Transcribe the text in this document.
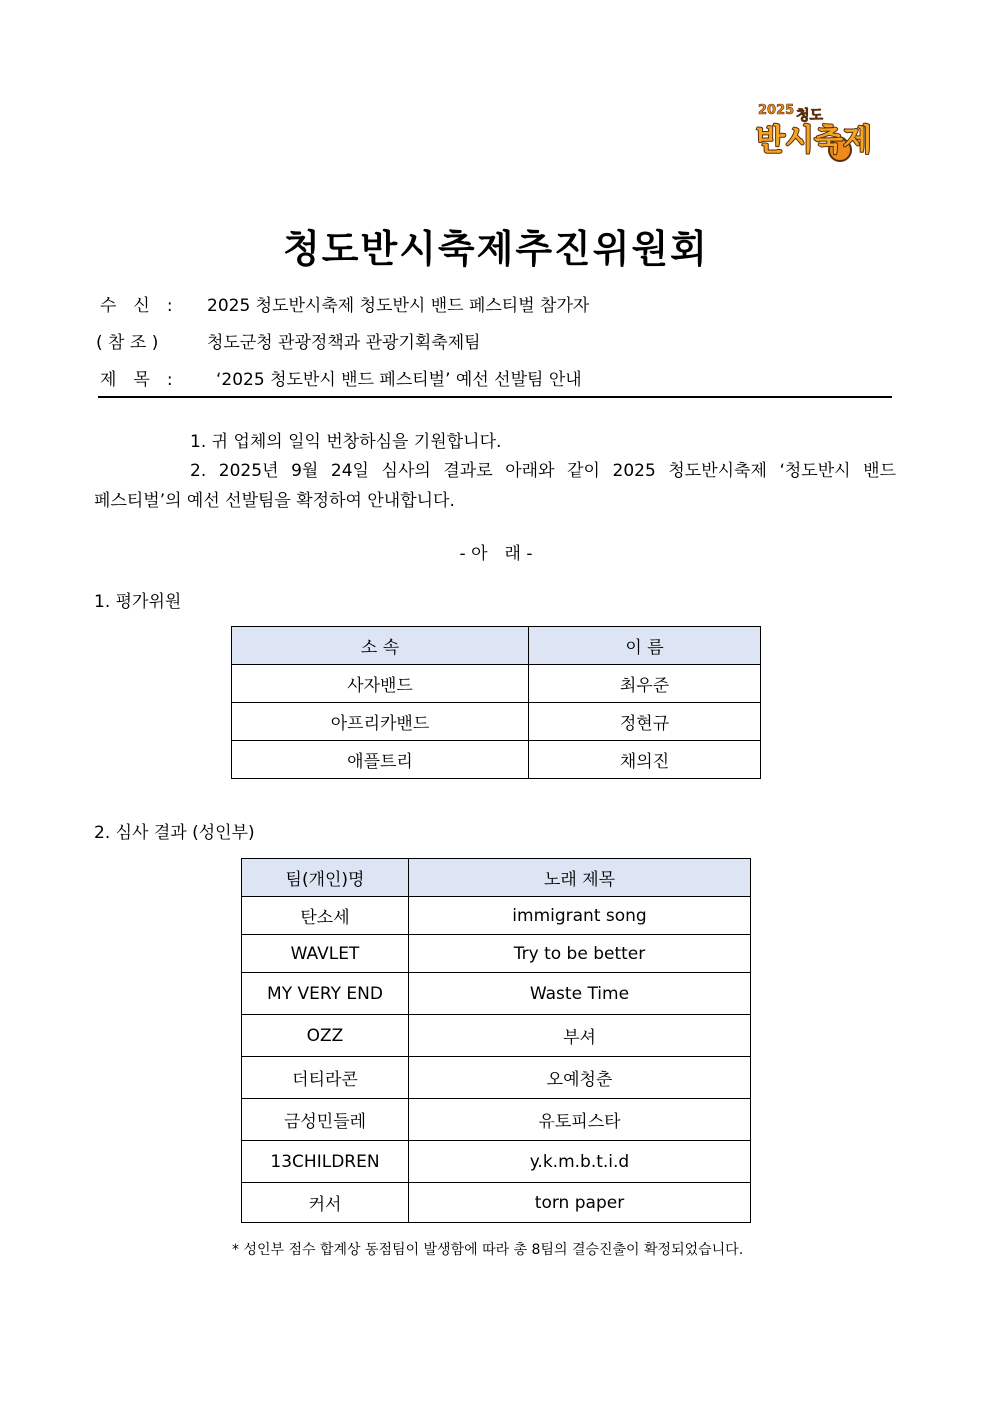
2025 청도
반시축제
청도반시축제추진위원회
수　신　:	2025 청도반시축제 청도반시 밴드 페스티벌 참가자
( 참 조 )	청도군청 관광정책과 관광기획축제팀
제　목　:	‘2025 청도반시 밴드 페스티벌’ 예선 선발팀 안내
1. 귀 업체의 일익 번창하심을 기원합니다.
2. 2025년 9월 24일 심사의 결과로 아래와 같이 2025 청도반시축제 ‘청도반시 밴드
페스티벌’의 예선 선발팀을 확정하여 안내합니다.
- 아　래 -
1. 평가위원
소 속	이 름
사자밴드	최우준
아프리카밴드	정현규
애플트리	채의진
2. 심사 결과 (성인부)
팀(개인)명	노래 제목
탄소세	immigrant song
WAVLET	Try to be better
MY VERY END	Waste Time
OZZ	부셔
더티라콘	오예청춘
금성민들레	유토피스타
13CHILDREN	y.k.m.b.t.i.d
커서	torn paper
* 성인부 점수 합계상 동점팀이 발생함에 따라 총 8팀의 결승진출이 확정되었습니다.
